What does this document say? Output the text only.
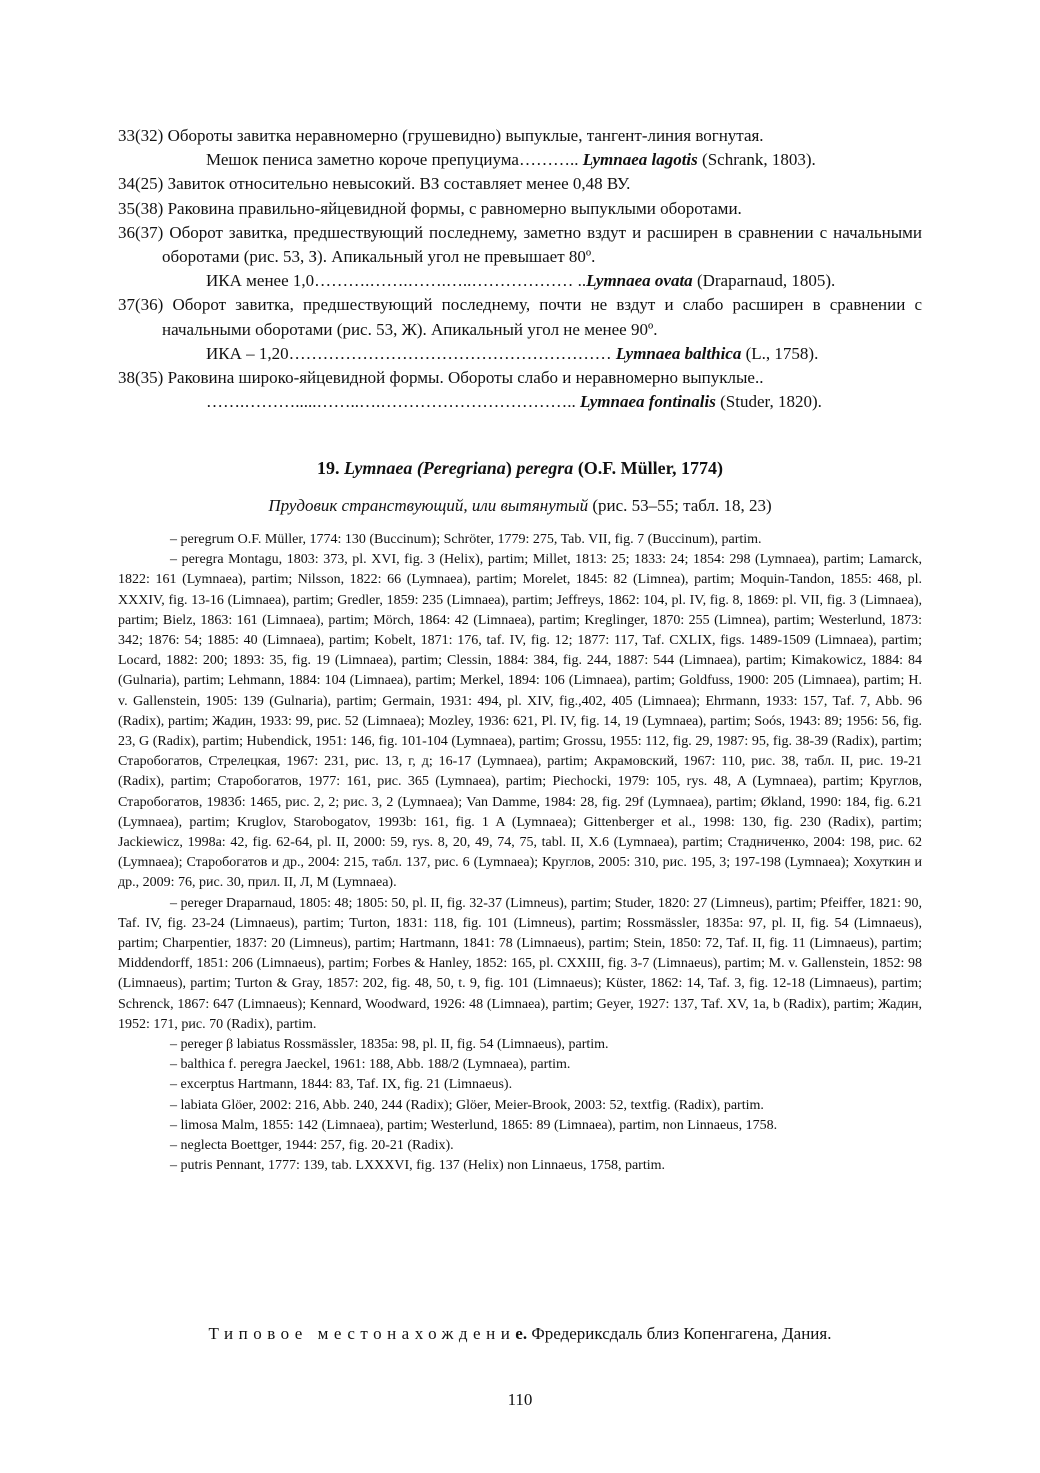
33(32) Обороты завитка неравномерно (грушевидно) выпуклые, тангент-линия вогнутая.
Мешок пениса заметно короче препуциума……….. Lymnaea lagotis (Schrank, 1803).

34(25) Завиток относительно невысокий. ВЗ составляет менее 0,48 ВУ.

35(38) Раковина правильно-яйцевидной формы, с равномерно выпуклыми оборотами.

36(37) Оборот завитка, предшествующий последнему, заметно вздут и расширен в сравнении с начальными оборотами (рис. 53, З). Апикальный угол не превышает 80º.
ИКА менее 1,0……….…….…….…..……………… ..Lymnaea ovata (Draparnaud, 1805).

37(36) Оборот завитка, предшествующий последнему, почти не вздут и слабо расширен в сравнении с начальными оборотами (рис. 53, Ж). Апикальный угол не менее 90º.
ИКА – 1,20………………………………………………… Lymnaea balthica (L., 1758).

38(35) Раковина широко-яйцевидной формы. Обороты слабо и неравномерно выпуклые..
…….……….....……..….…………………………….. Lymnaea fontinalis (Studer, 1820).

19. Lymnaea (Peregriana) peregra (O.F. Müller, 1774)
Прудовик странствующий, или вытянутый (рис. 53–55; табл. 18, 23)

– peregrum O.F. Müller, 1774: 130 (Buccinum); Schröter, 1779: 275, Tab. VII, fig. 7 (Buccinum), partim.

– peregra Montagu, 1803: 373, pl. XVI, fig. 3 (Helix), partim; Millet, 1813: 25; 1833: 24; 1854: 298 (Lymnaea), partim; Lamarck, 1822: 161 (Lymnaea), partim; Nilsson, 1822: 66 (Lymnaea), partim; Morelet, 1845: 82 (Limnea), partim; Moquin-Tandon, 1855: 468, pl. XXXIV, fig. 13-16 (Limnaea), partim; Gredler, 1859: 235 (Limnaea), partim; Jeffreys, 1862: 104, pl. IV, fig. 8, 1869: pl. VII, fig. 3 (Limnaea), partim; Bielz, 1863: 161 (Limnaea), partim; Mörch, 1864: 42 (Limnaea), partim; Kreglinger, 1870: 255 (Limnea), partim; Westerlund, 1873: 342; 1876: 54; 1885: 40 (Limnaea), partim; Kobelt, 1871: 176, taf. IV, fig. 12; 1877: 117, Taf. CXLIX, figs. 1489-1509 (Limnaea), partim; Locard, 1882: 200; 1893: 35, fig. 19 (Limnaea), partim; Clessin, 1884: 384, fig. 244, 1887: 544 (Limnaea), partim; Kimakowicz, 1884: 84 (Gulnaria), partim; Lehmann, 1884: 104 (Limnaea), partim; Merkel, 1894: 106 (Limnaea), partim; Goldfuss, 1900: 205 (Limnaea), partim; H. v. Gallenstein, 1905: 139 (Gulnaria), partim; Germain, 1931: 494, pl. XIV, fig.,402, 405 (Limnaea); Ehrmann, 1933: 157, Taf. 7, Abb. 96 (Radix), partim; Жадин, 1933: 99, рис. 52 (Limnaea); Mozley, 1936: 621, Pl. IV, fig. 14, 19 (Lymnaea), partim; Soós, 1943: 89; 1956: 56, fig. 23, G (Radix), partim; Hubendick, 1951: 146, fig. 101-104 (Lymnaea), partim; Grossu, 1955: 112, fig. 29, 1987: 95, fig. 38-39 (Radix), partim; Старобогатов, Стрелецкая, 1967: 231, рис. 13, г, д; 16-17 (Lymnaea), partim; Акрамовский, 1967: 110, рис. 38, табл. II, рис. 19-21 (Radix), partim; Старобогатов, 1977: 161, рис. 365 (Lymnaea), partim; Piechocki, 1979: 105, rys. 48, A (Lymnaea), partim; Круглов, Старобогатов, 1983б: 1465, рис. 2, 2; рис. 3, 2 (Lymnaea); Van Damme, 1984: 28, fig. 29f (Lymnaea), partim; Økland, 1990: 184, fig. 6.21 (Lymnaea), partim; Kruglov, Starobogatov, 1993b: 161, fig. 1 A (Lymnaea); Gittenberger et al., 1998: 130, fig. 230 (Radix), partim; Jackiewicz, 1998a: 42, fig. 62-64, pl. II, 2000: 59, rys. 8, 20, 49, 74, 75, tabl. II, X.6 (Lymnaea), partim; Стадниченко, 2004: 198, рис. 62 (Lymnaea); Старобогатов и др., 2004: 215, табл. 137, рис. 6 (Lymnaea); Круглов, 2005: 310, рис. 195, 3; 197-198 (Lymnaea); Хохуткин и др., 2009: 76, рис. 30, прил. II, Л, М (Lymnaea).

– pereger Draparnaud, 1805: 48; 1805: 50, pl. II, fig. 32-37 (Limneus), partim; Studer, 1820: 27 (Limneus), partim; Pfeiffer, 1821: 90, Taf. IV, fig. 23-24 (Limnaeus), partim; Turton, 1831: 118, fig. 101 (Limneus), partim; Rossmässler, 1835a: 97, pl. II, fig. 54 (Limnaeus), partim; Charpentier, 1837: 20 (Limneus), partim; Hartmann, 1841: 78 (Limnaeus), partim; Stein, 1850: 72, Taf. II, fig. 11 (Limnaeus), partim; Middendorff, 1851: 206 (Limnaeus), partim; Forbes & Hanley, 1852: 165, pl. CXXIII, fig. 3-7 (Limnaeus), partim; M. v. Gallenstein, 1852: 98 (Limnaeus), partim; Turton & Gray, 1857: 202, fig. 48, 50, t. 9, fig. 101 (Limnaeus); Küster, 1862: 14, Taf. 3, fig. 12-18 (Limnaeus), partim; Schrenck, 1867: 647 (Limnaeus); Kennard, Woodward, 1926: 48 (Limnaea), partim; Geyer, 1927: 137, Taf. XV, 1a, b (Radix), partim; Жадин, 1952: 171, рис. 70 (Radix), partim.

– pereger β labiatus Rossmässler, 1835a: 98, pl. II, fig. 54 (Limnaeus), partim.

– balthica f. peregra Jaeckel, 1961: 188, Abb. 188/2 (Lymnaea), partim.

– excerptus Hartmann, 1844: 83, Taf. IX, fig. 21 (Limnaeus).

– labiata Glöer, 2002: 216, Abb. 240, 244 (Radix); Glöer, Meier-Brook, 2003: 52, textfig. (Radix), partim.

– limosa Malm, 1855: 142 (Limnaea), partim; Westerlund, 1865: 89 (Limnaea), partim, non Linnaeus, 1758.

– neglecta Boettger, 1944: 257, fig. 20-21 (Radix).

– putris Pennant, 1777: 139, tab. LXXXVI, fig. 137 (Helix) non Linnaeus, 1758, partim.

Типовое местонахождение. Фредериксдаль близ Копенгагена, Дания.
110
